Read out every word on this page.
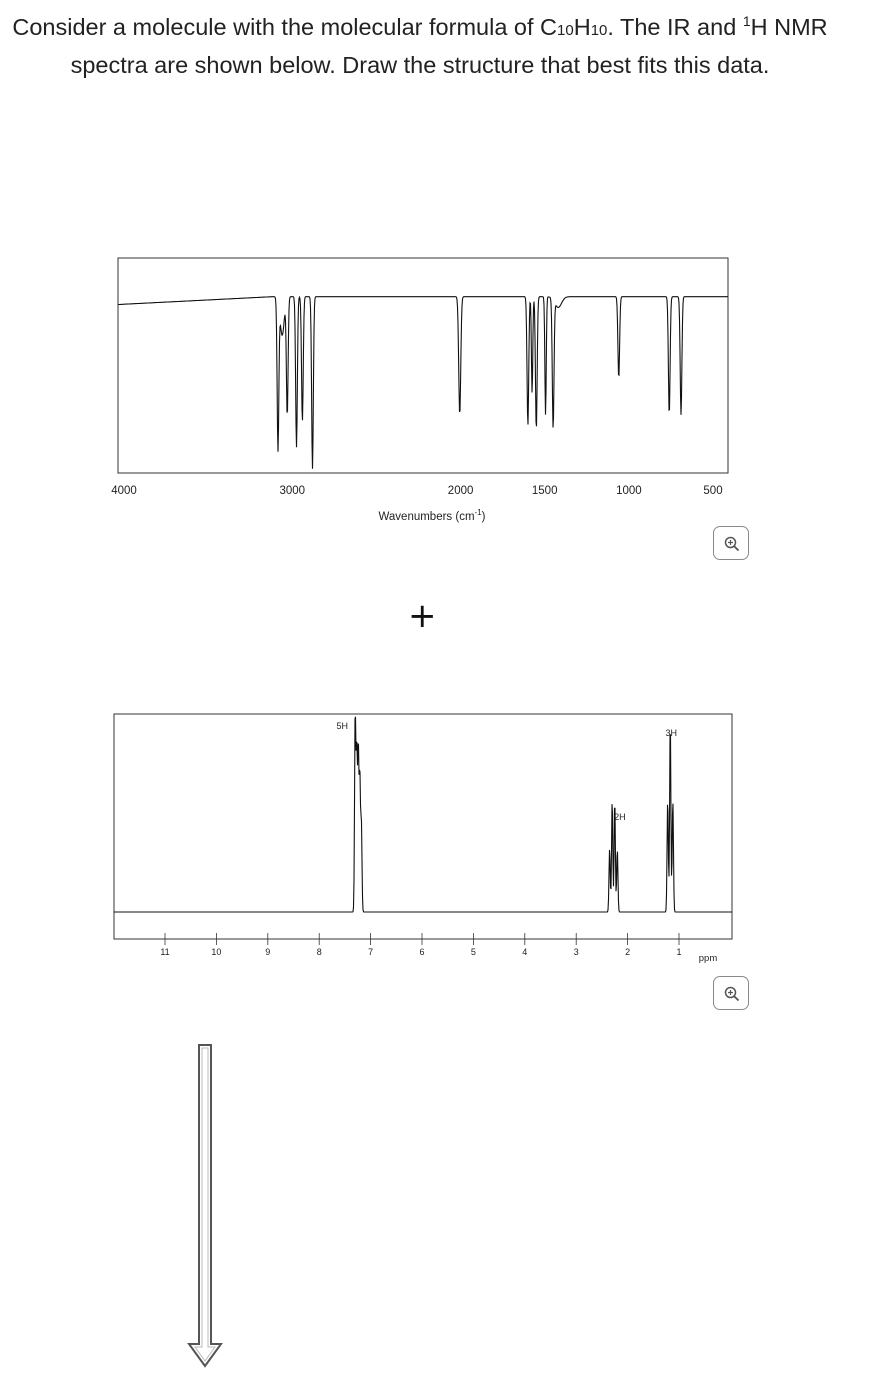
Consider a molecule with the molecular formula of C10H10. The IR and $^1$H NMR spectra are shown below. Draw the structure that best fits this data.
4000	3000	2000	1500	1000	500
Wavenumbers $(cm^{-1})$
11	10	9	8	7	6	5	4	3	2	1
5H
2H
3H
ppm
+
